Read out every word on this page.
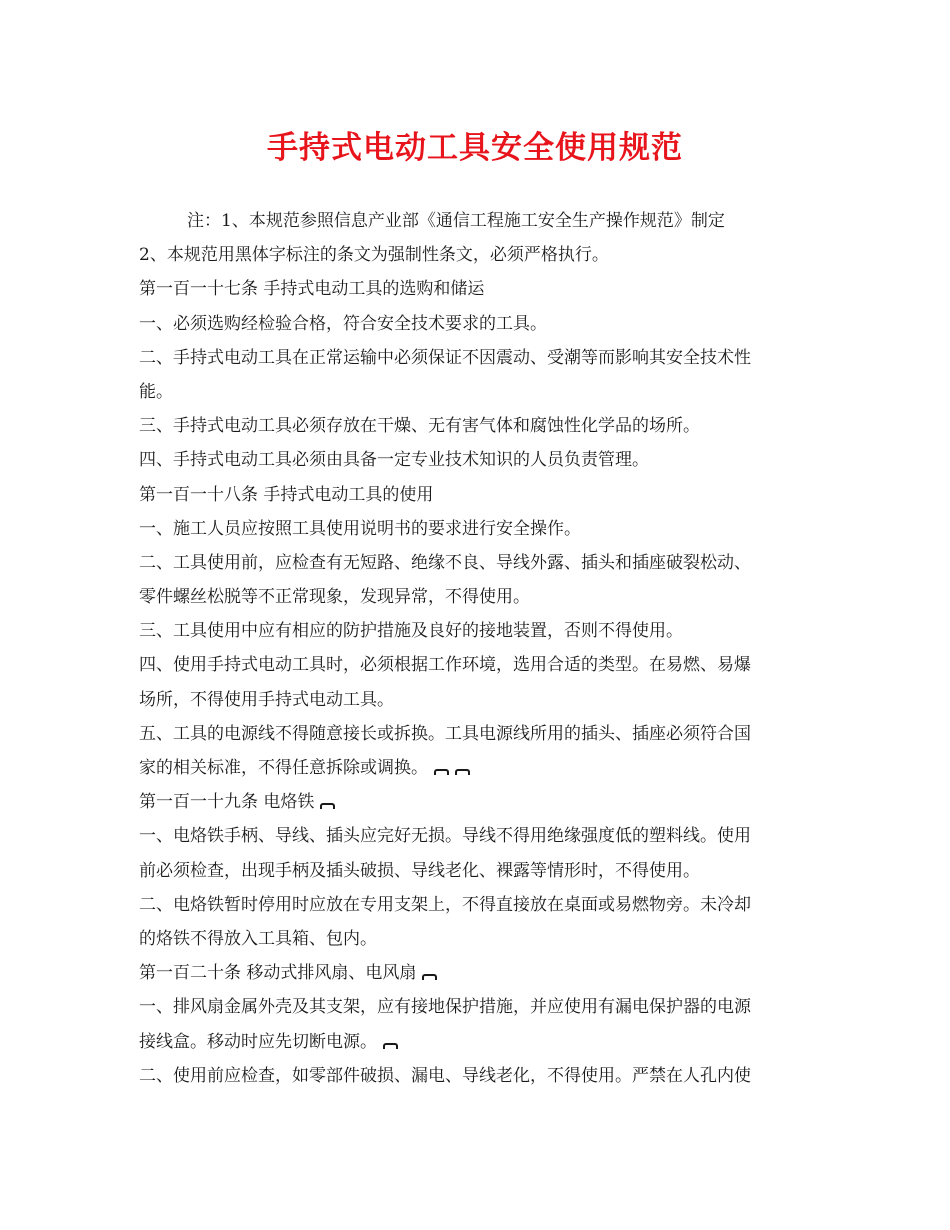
手持式电动工具安全使用规范
注：1、本规范参照信息产业部《通信工程施工安全生产操作规范》制定
2、本规范用黑体字标注的条文为强制性条文，必须严格执行。
第一百一十七条 手持式电动工具的选购和储运
一、必须选购经检验合格，符合安全技术要求的工具。
二、手持式电动工具在正常运输中必须保证不因震动、受潮等而影响其安全技术性
能。
三、手持式电动工具必须存放在干燥、无有害气体和腐蚀性化学品的场所。
四、手持式电动工具必须由具备一定专业技术知识的人员负责管理。
第一百一十八条 手持式电动工具的使用
一、施工人员应按照工具使用说明书的要求进行安全操作。
二、工具使用前，应检查有无短路、绝缘不良、导线外露、插头和插座破裂松动、
零件螺丝松脱等不正常现象，发现异常，不得使用。
三、工具使用中应有相应的防护措施及良好的接地装置，否则不得使用。
四、使用手持式电动工具时，必须根据工作环境，选用合适的类型。在易燃、易爆
场所，不得使用手持式电动工具。
五、工具的电源线不得随意接长或拆换。工具电源线所用的插头、插座必须符合国
家的相关标准，不得任意拆除或调换。
第一百一十九条 电烙铁
一、电烙铁手柄、导线、插头应完好无损。导线不得用绝缘强度低的塑料线。使用
前必须检查，出现手柄及插头破损、导线老化、裸露等情形时，不得使用。
二、电烙铁暂时停用时应放在专用支架上，不得直接放在桌面或易燃物旁。未冷却
的烙铁不得放入工具箱、包内。
第一百二十条 移动式排风扇、电风扇
一、排风扇金属外壳及其支架，应有接地保护措施，并应使用有漏电保护器的电源
接线盒。移动时应先切断电源。
二、使用前应检查，如零部件破损、漏电、导线老化，不得使用。严禁在人孔内使
